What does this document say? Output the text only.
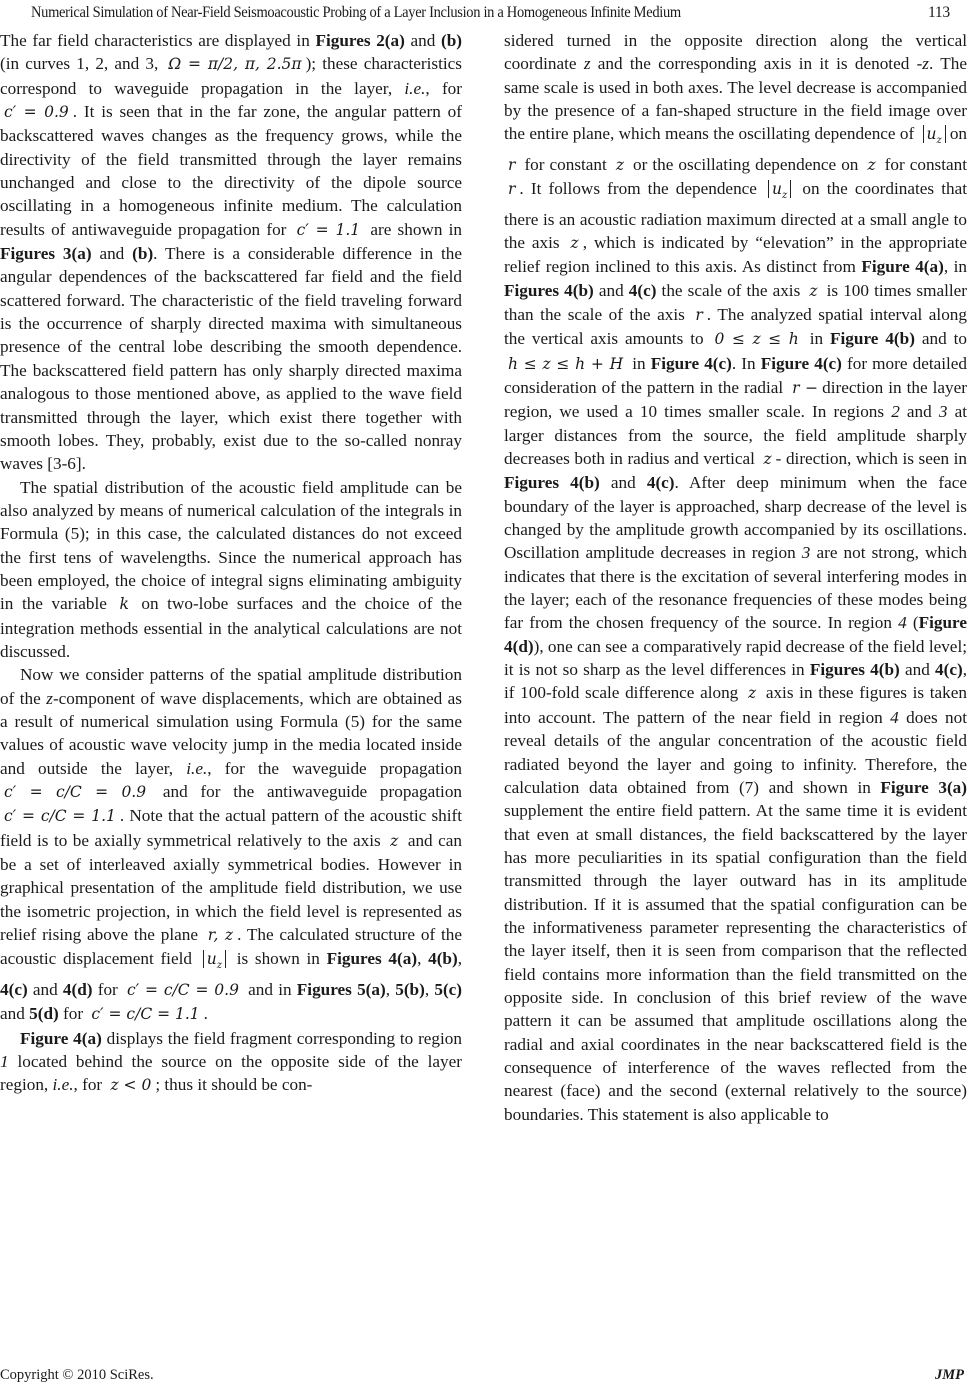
Numerical Simulation of Near-Field Seismoacoustic Probing of a Layer Inclusion in a Homogeneous Infinite Medium	113

The far field characteristics are displayed in Figures 2(a) and (b) (in curves 1, 2, and 3, Ω = π/2, π, 2.5π ); these characteristics correspond to waveguide propagation in the layer, i.e., for c′ = 0.9 . It is seen that in the far zone, the angular pattern of backscattered waves changes as the frequency grows, while the directivity of the field transmitted through the layer remains unchanged and close to the directivity of the dipole source oscillating in a homogeneous infinite medium. The calculation results of antiwaveguide propagation for c′ = 1.1 are shown in Figures 3(a) and (b). There is a considerable difference in the angular dependences of the backscattered far field and the field scattered forward. The characteristic of the field traveling forward is the occurrence of sharply directed maxima with simultaneous presence of the central lobe describing the smooth dependence. The backscattered field pattern has only sharply directed maxima analogous to those mentioned above, as applied to the wave field transmitted through the layer, which exist there together with smooth lobes. They, probably, exist due to the so-called nonray waves [3-6].

The spatial distribution of the acoustic field amplitude can be also analyzed by means of numerical calculation of the integrals in Formula (5); in this case, the calculated distances do not exceed the first tens of wavelengths. Since the numerical approach has been employed, the choice of integral signs eliminating ambiguity in the variable k on two-lobe surfaces and the choice of the integration methods essential in the analytical calculations are not discussed.

Now we consider patterns of the spatial amplitude distribution of the z-component of wave displacements, which are obtained as a result of numerical simulation using Formula (5) for the same values of acoustic wave velocity jump in the media located inside and outside the layer, i.e., for the waveguide propagation c′ = c/C = 0.9 and for the antiwaveguide propagation c′ = c/C = 1.1 . Note that the actual pattern of the acoustic shift field is to be axially symmetrical relatively to the axis z and can be a set of interleaved axially symmetrical bodies. However in graphical presentation of the amplitude field distribution, we use the isometric projection, in which the field level is represented as relief rising above the plane r, z . The calculated structure of the acoustic displacement field $u_z$ is shown in Figures 4(a), 4(b), 4(c) and 4(d) for c′ = c/C = 0.9 and in Figures 5(a), 5(b), 5(c) and 5(d) for c′ = c/C = 1.1 .

Figure 4(a) displays the field fragment corresponding to region 1 located behind the source on the opposite side of the layer region, i.e., for z < 0 ; thus it should be con-

sidered turned in the opposite direction along the vertical coordinate z and the corresponding axis in it is denoted -z. The same scale is used in both axes. The level decrease is accompanied by the presence of a fan-shaped structure in the field image over the entire plane, which means the oscillating dependence of $u_z$ on r for constant z or the oscillating dependence on z for constant r . It follows from the dependence $u_z$ on the coordinates that there is an acoustic radiation maximum directed at a small angle to the axis z , which is indicated by “elevation” in the appropriate relief region inclined to this axis. As distinct from Figure 4(a), in Figures 4(b) and 4(c) the scale of the axis z is 100 times smaller than the scale of the axis r . The analyzed spatial interval along the vertical axis amounts to 0 ≤ z ≤ h in Figure 4(b) and to h ≤ z ≤ h + H in Figure 4(c). In Figure 4(c) for more detailed consideration of the pattern in the radial r − direction in the layer region, we used a 10 times smaller scale. In regions 2 and 3 at larger distances from the source, the field amplitude sharply decreases both in radius and vertical z - direction, which is seen in Figures 4(b) and 4(c). After deep minimum when the face boundary of the layer is approached, sharp decrease of the level is changed by the amplitude growth accompanied by its oscillations. Oscillation amplitude decreases in region 3 are not strong, which indicates that there is the excitation of several interfering modes in the layer; each of the resonance frequencies of these modes being far from the chosen frequency of the source. In region 4 (Figure 4(d)), one can see a comparatively rapid decrease of the field level; it is not so sharp as the level differences in Figures 4(b) and 4(c), if 100-fold scale difference along z axis in these figures is taken into account. The pattern of the near field in region 4 does not reveal details of the angular concentration of the acoustic field radiated beyond the layer and going to infinity. Therefore, the calculation data obtained from (7) and shown in Figure 3(a) supplement the entire field pattern. At the same time it is evident that even at small distances, the field backscattered by the layer has more peculiarities in its spatial configuration than the field transmitted through the layer outward has in its amplitude distribution. If it is assumed that the spatial configuration can be the informativeness parameter representing the characteristics of the layer itself, then it is seen from comparison that the reflected field contains more information than the field transmitted on the opposite side. In conclusion of this brief review of the wave pattern it can be assumed that amplitude oscillations along the radial and axial coordinates in the near backscattered field is the consequence of interference of the waves reflected from the nearest (face) and the second (external relatively to the source) boundaries. This statement is also applicable to

Copyright © 2010 SciRes.	JMP
